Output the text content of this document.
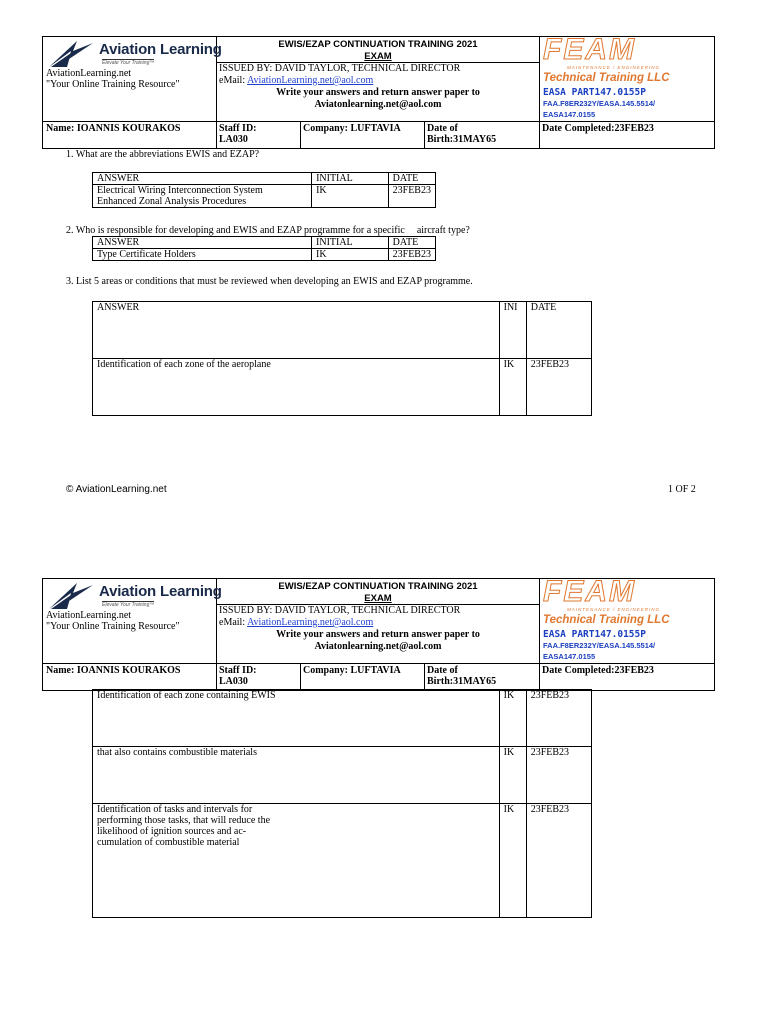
Aviation Learning
Elevate Your Training™
AviationLearning.net
"Your Online Training Resource"
EWIS/EZAP CONTINUATION TRAINING 2021
EXAM
ISSUED BY: DAVID TAYLOR, TECHNICAL DIRECTOR
eMail: AviationLearning.net@aol.com
Write your answers and return answer paper to
Aviatonlearning.net@aol.com
FEAM
MAINTENANCE / ENGINEERING
Technical Training LLC
EASA PART147.0155P
FAA.F8ER232Y/EASA.145.5514/
EASA147.0155
Name: IOANNIS KOURAKOS	Staff ID:
LA030
Company: LUFTAVIA	Date of
Birth:31MAY65
Date Completed:23FEB23
1. What are the abbreviations EWIS and EZAP?
ANSWER	INITIAL	DATE

Electrical Wiring Interconnection System
Enhanced Zonal Analysis Procedures	IK	23FEB23
2. Who is responsible for developing and EWIS and EZAP programme for a specific aircraft type?
ANSWER	INITIAL	DATE
Type Certificate Holders	IK	23FEB23
3. List 5 areas or conditions that must be reviewed when developing an EWIS and EZAP programme.
ANSWER	INI	DATE
Identification of each zone of the aeroplane	IK	23FEB23
© AviationLearning.net	1 OF 2
Aviation Learning
Elevate Your Training™
AviationLearning.net
"Your Online Training Resource"
EWIS/EZAP CONTINUATION TRAINING 2021
EXAM
ISSUED BY: DAVID TAYLOR, TECHNICAL DIRECTOR
eMail: AviationLearning.net@aol.com
Write your answers and return answer paper to
Aviatonlearning.net@aol.com
FEAM
MAINTENANCE / ENGINEERING
Technical Training LLC
EASA PART147.0155P
FAA.F8ER232Y/EASA.145.5514/
EASA147.0155
Name: IOANNIS KOURAKOS	Staff ID:
LA030
Company: LUFTAVIA	Date of
Birth:31MAY65
Date Completed:23FEB23
Identification of each zone containing EWIS	IK	23FEB23
that also contains combustible materials	IK	23FEB23

Identification of tasks and intervals for
performing those tasks, that will reduce the
likelihood of ignition sources and ac-
cumulation of combustible material	IK	23FEB23
